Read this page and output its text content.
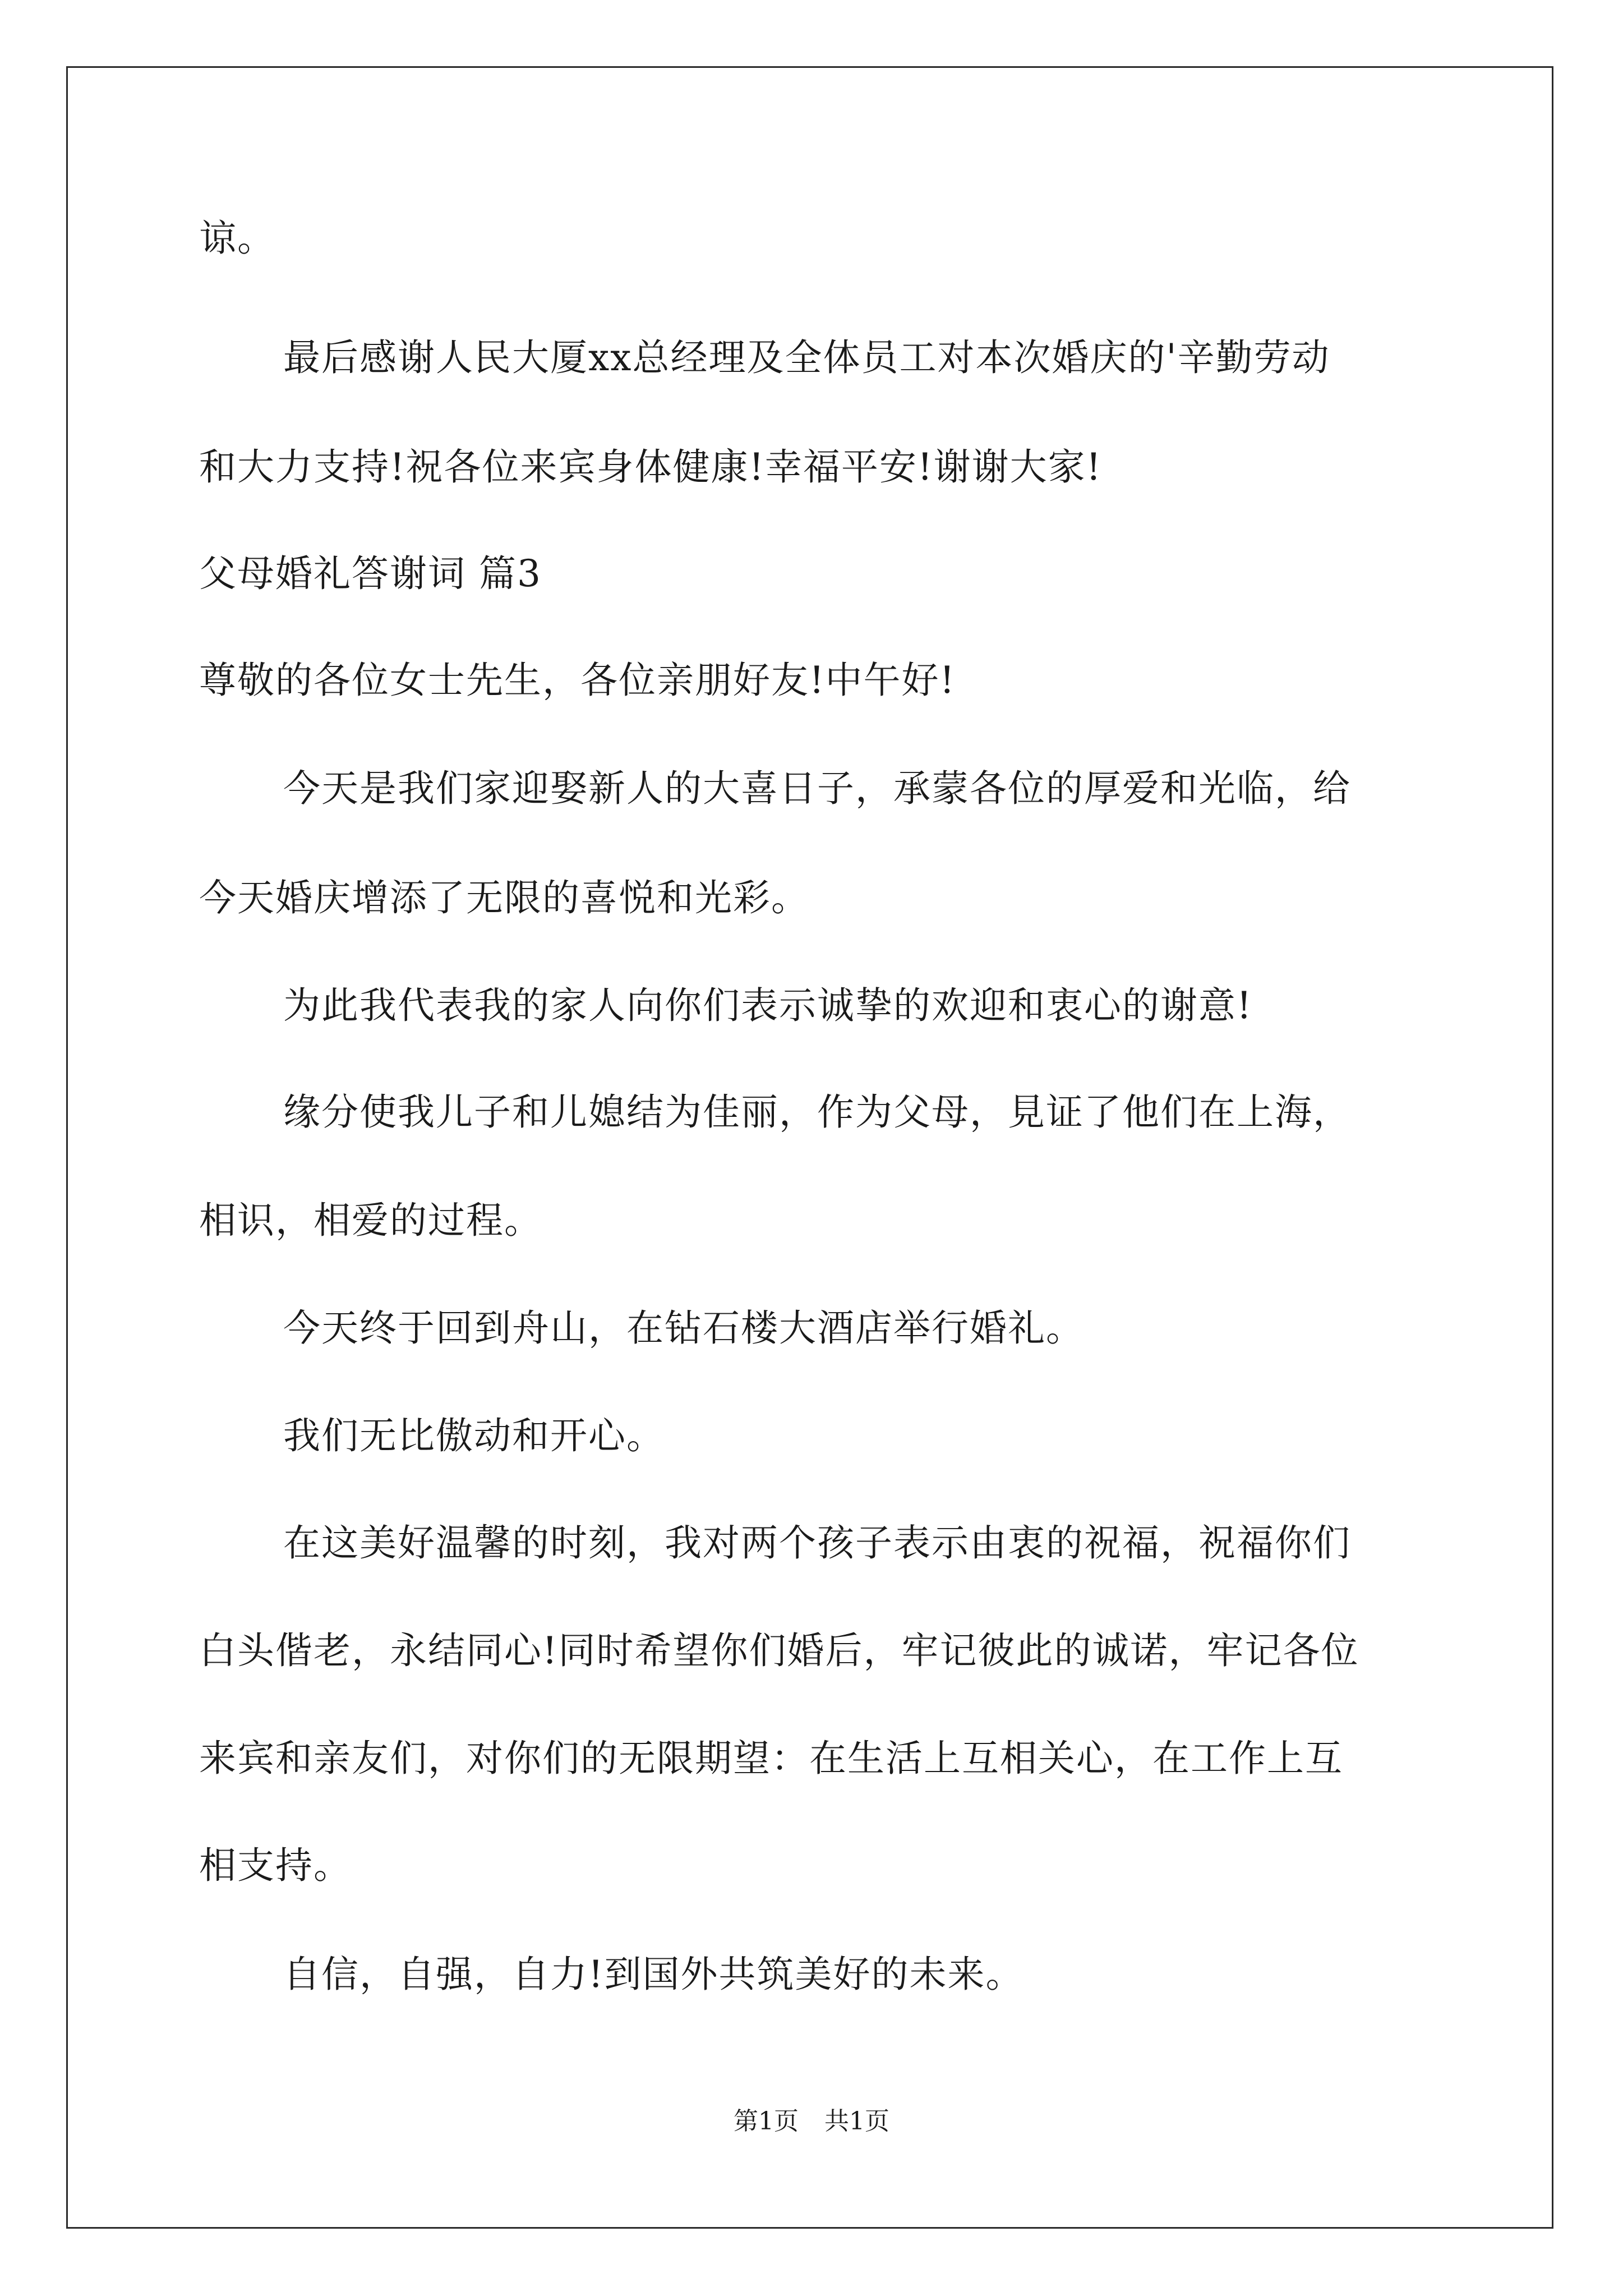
谅。
最后感谢人民大厦xx总经理及全体员工对本次婚庆的'辛勤劳动
和大力支持!祝各位来宾身体健康!幸福平安!谢谢大家!
父母婚礼答谢词 篇3
尊敬的各位女士先生，各位亲朋好友!中午好!
今天是我们家迎娶新人的大喜日子，承蒙各位的厚爱和光临，给
今天婚庆增添了无限的喜悦和光彩。
为此我代表我的家人向你们表示诚挚的欢迎和衷心的谢意!
缘分使我儿子和儿媳结为佳丽，作为父母，見证了他们在上海，
相识，相爱的过程。
今天终于回到舟山，在钻石楼大酒店举行婚礼。
我们无比傲动和开心。
在这美好温馨的时刻，我对两个孩子表示由衷的祝福，祝福你们
白头偕老，永结同心!同时希望你们婚后，牢记彼此的诚诺，牢记各位
来宾和亲友们，对你们的无限期望：在生活上互相关心，在工作上互
相支持。
自信，自强，自力!到国外共筑美好的未来。
第1页 共1页
